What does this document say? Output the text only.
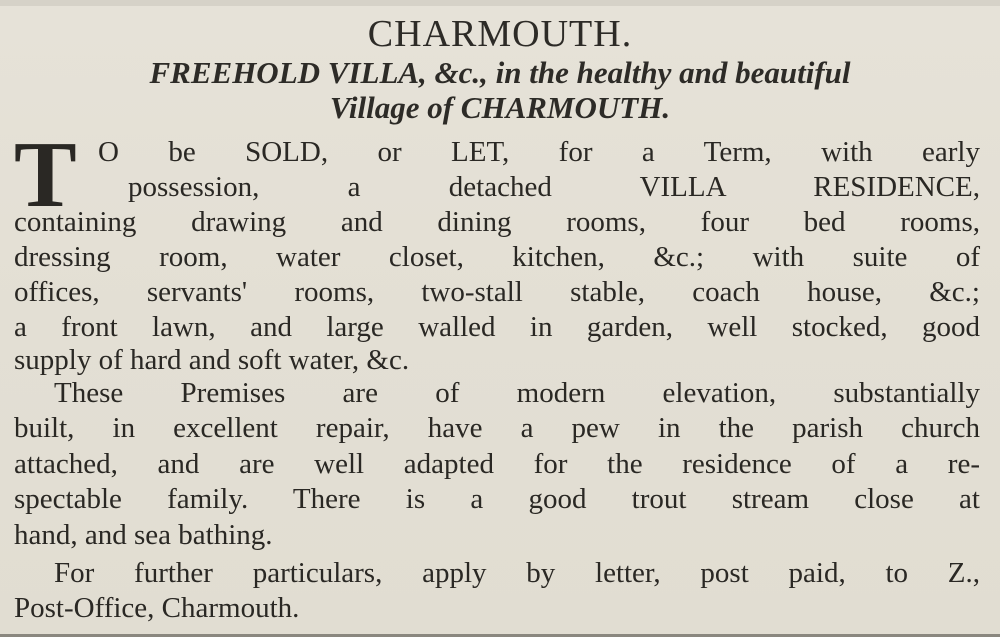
CHARMOUTH.
FREEHOLD VILLA, &c., in the healthy and beautiful
Village of CHARMOUTH.
T O be SOLD, or LET, for a Term, with early
possession, a detached VILLA RESIDENCE,
containing drawing and dining rooms, four bed rooms,
dressing room, water closet, kitchen, &c.; with suite of
offices, servants' rooms, two-stall stable, coach house, &c.;
a front lawn, and large walled in garden, well stocked, good
supply of hard and soft water, &c.
These Premises are of modern elevation, substantially
built, in excellent repair, have a pew in the parish church
attached, and are well adapted for the residence of a re-
spectable family. There is a good trout stream close at
hand, and sea bathing.
For further particulars, apply by letter, post paid, to Z.,
Post-Office, Charmouth.
